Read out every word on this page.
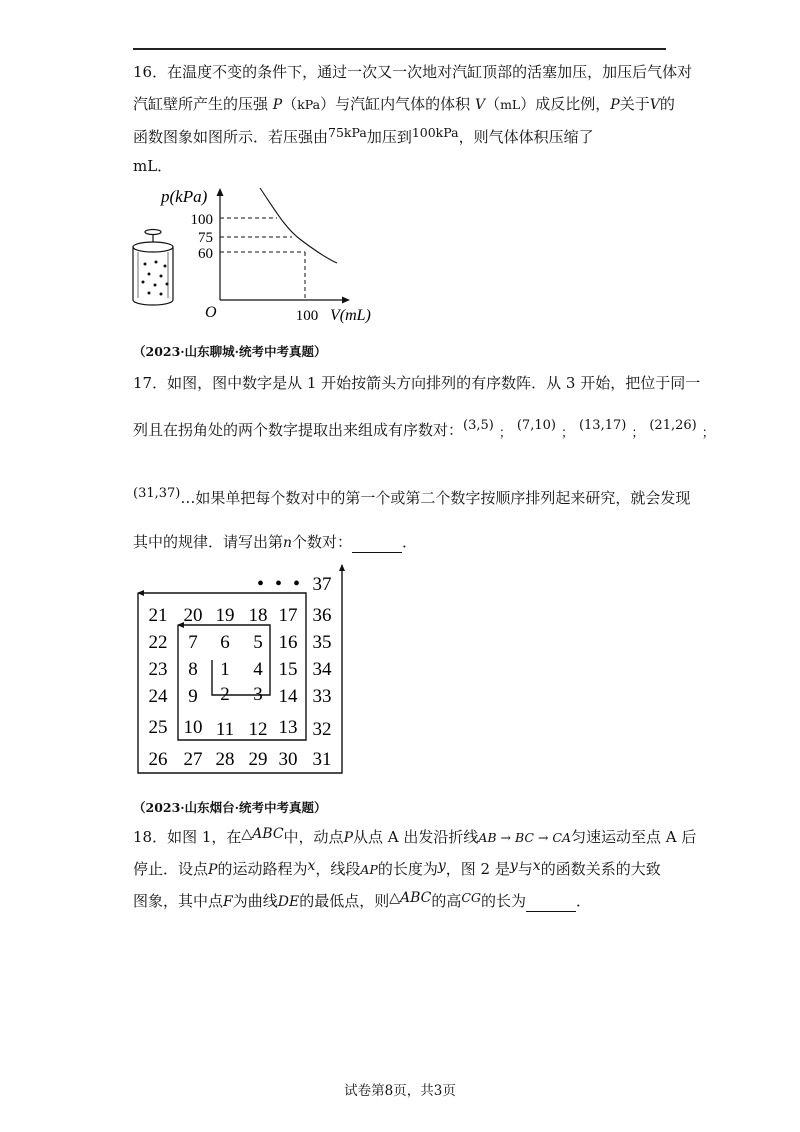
16．在温度不变的条件下，通过一次又一次地对汽缸顶部的活塞加压，加压后气体对
汽缸壁所产生的压强 P（kPa）与汽缸内气体的体积 V（mL）成反比例，P关于V的
函数图象如图所示．若压强由$^{75kPa}$加压到$^{100kPa}$，则气体体积压缩了
mL．
p(kPa)
100
75
60
O	100 V(mL)
（2023·山东聊城·统考中考真题）
17．如图，图中数字是从 1 开始按箭头方向排列的有序数阵．从 3 开始，把位于同一
列且在拐角处的两个数字提取出来组成有序数对：(3,5)；(7,10)；(13,17)；(21,26)；
(31,37)…如果单把每个数对中的第一个或第二个数字按顺序排列起来研究，就会发现
其中的规律．请写出第n个数对：	．
• • • 37
21 20 19 18 17 36
22 7 6 5 16 35
23 8 1 4 15 34
24 9 2 3 14 33
25 10 11 12 13 32
26 27 28 29 30 31
（2023·山东烟台·统考中考真题）
18．如图 1，在△ABC中，动点P从点 A 出发沿折线AB → BC → CA匀速运动至点 A 后
停止．设点P的运动路程为x，线段AP的长度为y，图 2 是y与x的函数关系的大致
图象，其中点F为曲线DE的最低点，则△ABC的高$^{CG}$的长为	．
试卷第8页，共3页
